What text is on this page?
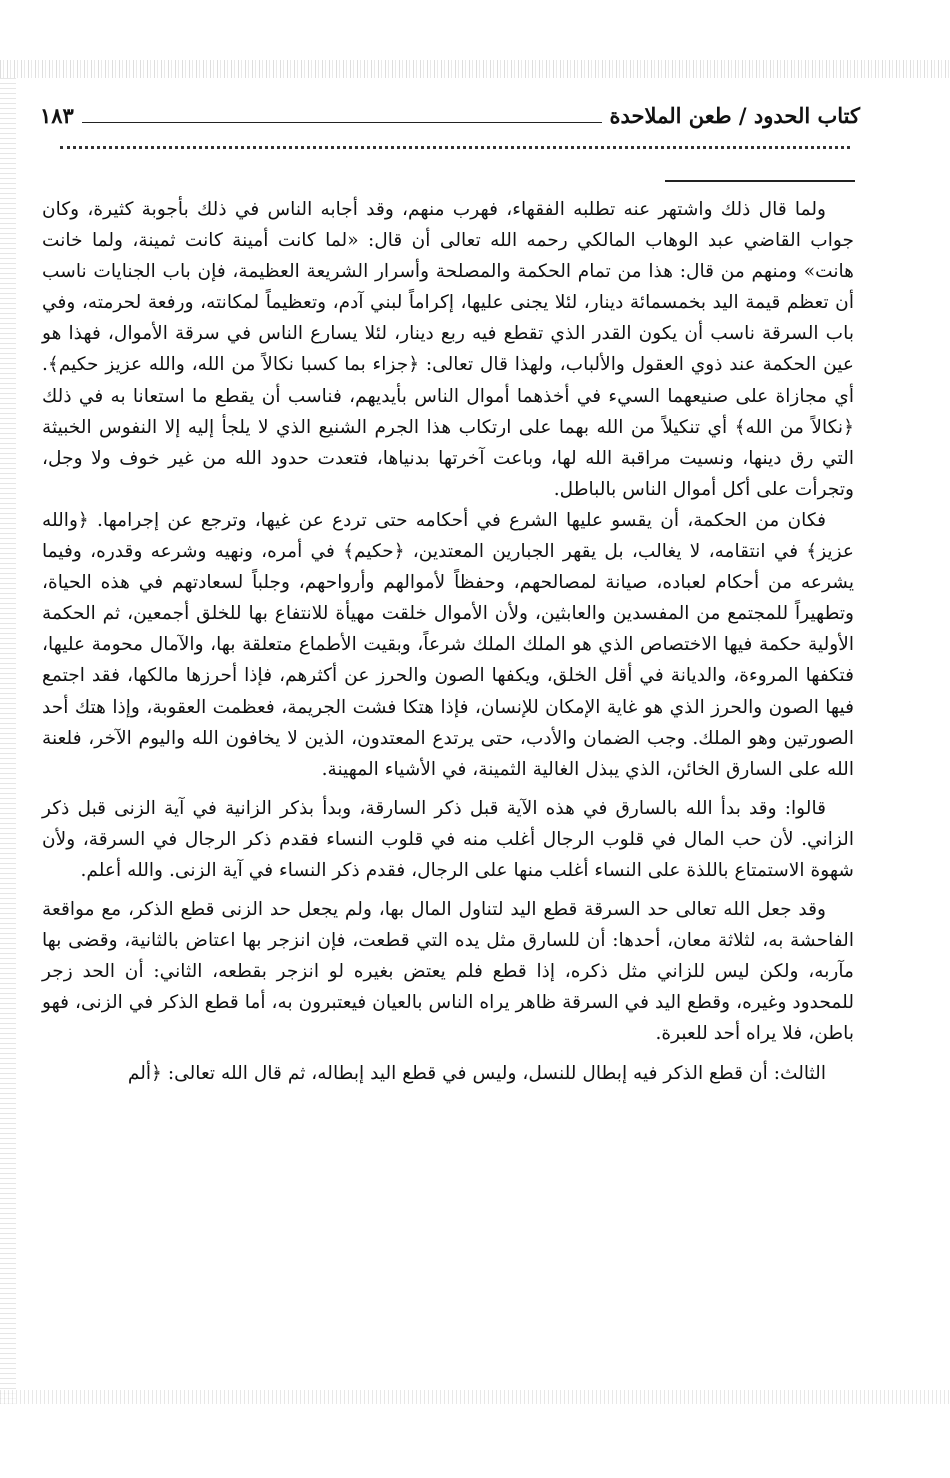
كتاب الحدود / طعن الملاحدة
١٨٣

ولما قال ذلك واشتهر عنه تطلبه الفقهاء، فهرب منهم، وقد أجابه الناس في ذلك بأجوبة كثيرة، وكان جواب القاضي عبد الوهاب المالكي رحمه الله تعالى أن قال: «لما كانت أمينة كانت ثمينة، ولما خانت هانت» ومنهم من قال: هذا من تمام الحكمة والمصلحة وأسرار الشريعة العظيمة، فإن باب الجنايات ناسب أن تعظم قيمة اليد بخمسمائة دينار، لئلا يجنى عليها، إكراماً لبني آدم، وتعظيماً لمكانته، ورفعة لحرمته، وفي باب السرقة ناسب أن يكون القدر الذي تقطع فيه ربع دينار، لئلا يسارع الناس في سرقة الأموال، فهذا هو عين الحكمة عند ذوي العقول والألباب، ولهذا قال تعالى: ﴿جزاء بما كسبا نكالاً من الله، والله عزيز حكيم﴾. أي مجازاة على صنيعهما السيء في أخذهما أموال الناس بأيديهم، فناسب أن يقطع ما استعانا به في ذلك ﴿نكالاً من الله﴾ أي تنكيلاً من الله بهما على ارتكاب هذا الجرم الشنيع الذي لا يلجأ إليه إلا النفوس الخبيثة التي رق دينها، ونسيت مراقبة الله لها، وباعت آخرتها بدنياها، فتعدت حدود الله من غير خوف ولا وجل، وتجرأت على أكل أموال الناس بالباطل.

فكان من الحكمة، أن يقسو عليها الشرع في أحكامه حتى تردع عن غيها، وترجع عن إجرامها. ﴿والله عزيز﴾ في انتقامه، لا يغالب، بل يقهر الجبارين المعتدين، ﴿حكيم﴾ في أمره، ونهيه وشرعه وقدره، وفيما يشرعه من أحكام لعباده، صيانة لمصالحهم، وحفظاً لأموالهم وأرواحهم، وجلباً لسعادتهم في هذه الحياة، وتطهيراً للمجتمع من المفسدين والعابثين، ولأن الأموال خلقت مهيأة للانتفاع بها للخلق أجمعين، ثم الحكمة الأولية حكمة فيها الاختصاص الذي هو الملك الملك شرعاً، وبقيت الأطماع متعلقة بها، والآمال محومة عليها، فتكفها المروءة، والديانة في أقل الخلق، ويكفها الصون والحرز عن أكثرهم، فإذا أحرزها مالكها، فقد اجتمع فيها الصون والحرز الذي هو غاية الإمكان للإنسان، فإذا هتكا فشت الجريمة، فعظمت العقوبة، وإذا هتك أحد الصورتين وهو الملك. وجب الضمان والأدب، حتى يرتدع المعتدون، الذين لا يخافون الله واليوم الآخر، فلعنة الله على السارق الخائن، الذي يبذل الغالية الثمينة، في الأشياء المهينة.

قالوا: وقد بدأ الله بالسارق في هذه الآية قبل ذكر السارقة، وبدأ بذكر الزانية في آية الزنى قبل ذكر الزاني. لأن حب المال في قلوب الرجال أغلب منه في قلوب النساء فقدم ذكر الرجال في السرقة، ولأن شهوة الاستمتاع باللذة على النساء أغلب منها على الرجال، فقدم ذكر النساء في آية الزنى. والله أعلم.

وقد جعل الله تعالى حد السرقة قطع اليد لتناول المال بها، ولم يجعل حد الزنى قطع الذكر، مع مواقعة الفاحشة به، لثلاثة معان، أحدها: أن للسارق مثل يده التي قطعت، فإن انزجر بها اعتاض بالثانية، وقضى بها مآربه، ولكن ليس للزاني مثل ذكره، إذا قطع فلم يعتض بغيره لو انزجر بقطعه، الثاني: أن الحد زجر للمحدود وغيره، وقطع اليد في السرقة ظاهر يراه الناس بالعيان فيعتبرون به، أما قطع الذكر في الزنى، فهو باطن، فلا يراه أحد للعبرة.

الثالث: أن قطع الذكر فيه إبطال للنسل، وليس في قطع اليد إبطاله، ثم قال الله تعالى: ﴿ألم
